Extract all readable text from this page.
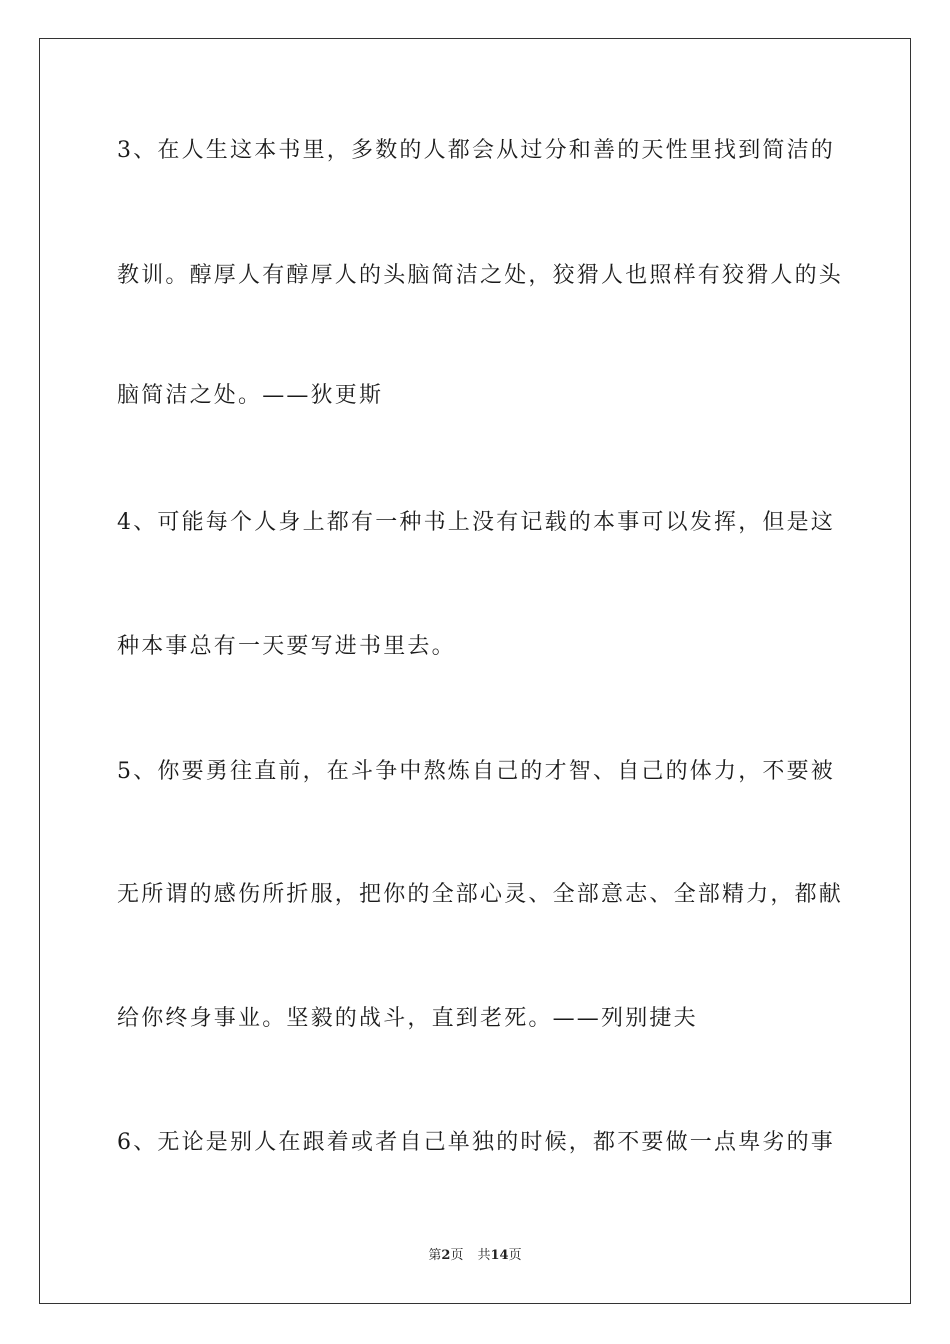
3、在人生这本书里，多数的人都会从过分和善的天性里找到简洁的
教训。醇厚人有醇厚人的头脑简洁之处，狡猾人也照样有狡猾人的头
脑简洁之处。——狄更斯
4、可能每个人身上都有一种书上没有记载的本事可以发挥，但是这
种本事总有一天要写进书里去。
5、你要勇往直前，在斗争中熬炼自己的才智、自己的体力，不要被
无所谓的感伤所折服，把你的全部心灵、全部意志、全部精力，都献
给你终身事业。坚毅的战斗，直到老死。——列别捷夫
6、无论是别人在跟着或者自己单独的时候，都不要做一点卑劣的事
第2页 共14页
